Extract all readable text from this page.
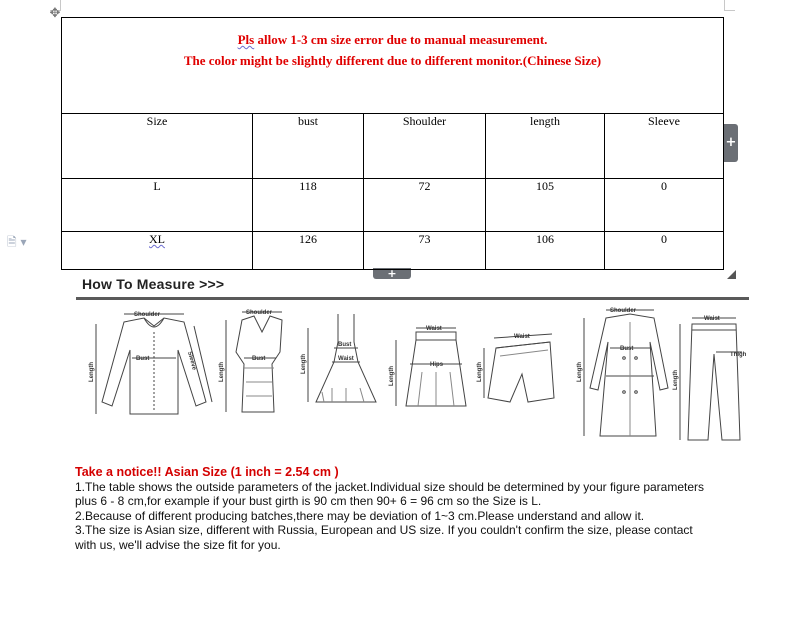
✥
🗎 ▾
+
+
Pls allow 1-3 cm size error due to manual measurement.
The color might be slightly different due to different monitor.(Chinese Size)				

Size	bust	Shoulder	length	Sleeve
L	118	72	105	0
XL	126	73	106	0
How To Measure >>>
Shoulder
Bust
Length
Sleeve
Shoulder
Bust
Length
Bust
Waist
Length
Waist
Hips
Length
Waist
Length
Shoulder
Bust
Length
Waist
Thigh
Length

Take a notice!! Asian Size (1 inch = 2.54 cm )

1.The table shows the outside parameters of the jacket.Individual size should be determined by your figure parameters plus 6 - 8 cm,for example if your bust girth is 90 cm then 90+ 6 = 96 cm so the Size is L.

2.Because of different producing batches,there may be deviation of 1~3 cm.Please understand and allow it.

3.The size is Asian size, different with Russia, European and US size. If you couldn't confirm the size, please contact with us, we'll advise the size fit for you.
